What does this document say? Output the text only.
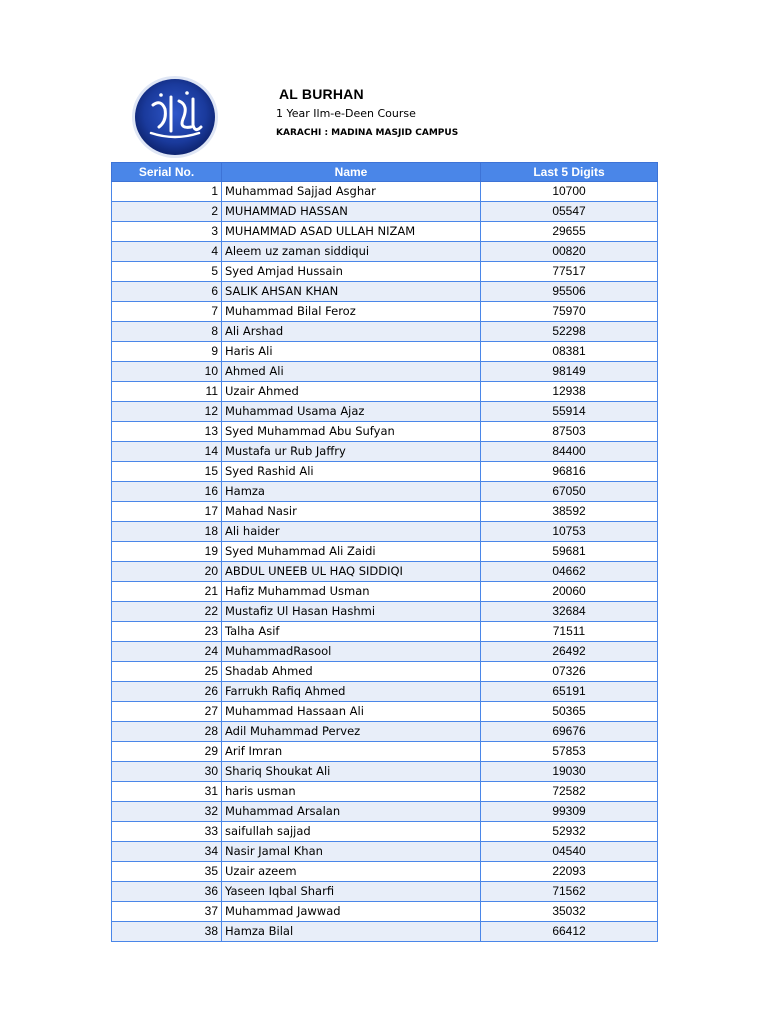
AL BURHAN
1 Year Ilm-e-Deen Course
KARACHI : MADINA MASJID CAMPUS
Serial No.	Name	Last 5 Digits
1	Muhammad Sajjad Asghar	10700
2	MUHAMMAD HASSAN	05547
3	MUHAMMAD ASAD ULLAH NIZAM	29655
4	Aleem uz zaman siddiqui	00820
5	Syed Amjad Hussain	77517
6	SALIK AHSAN KHAN	95506
7	Muhammad Bilal Feroz	75970
8	Ali Arshad	52298
9	Haris Ali	08381
10	Ahmed Ali	98149
11	Uzair Ahmed	12938
12	Muhammad Usama Ajaz	55914
13	Syed Muhammad Abu Sufyan	87503
14	Mustafa ur Rub Jaffry	84400
15	Syed Rashid Ali	96816
16	Hamza	67050
17	Mahad Nasir	38592
18	Ali haider	10753
19	Syed Muhammad Ali Zaidi	59681
20	ABDUL UNEEB UL HAQ SIDDIQI	04662
21	Hafiz Muhammad Usman	20060
22	Mustafiz Ul Hasan Hashmi	32684
23	Talha Asif	71511
24	MuhammadRasool	26492
25	Shadab Ahmed	07326
26	Farrukh Rafiq Ahmed	65191
27	Muhammad Hassaan Ali	50365
28	Adil Muhammad Pervez	69676
29	Arif Imran	57853
30	Shariq Shoukat Ali	19030
31	haris usman	72582
32	Muhammad Arsalan	99309
33	saifullah sajjad	52932
34	Nasir Jamal Khan	04540
35	Uzair azeem	22093
36	Yaseen Iqbal Sharfi	71562
37	Muhammad Jawwad	35032
38	Hamza Bilal	66412
